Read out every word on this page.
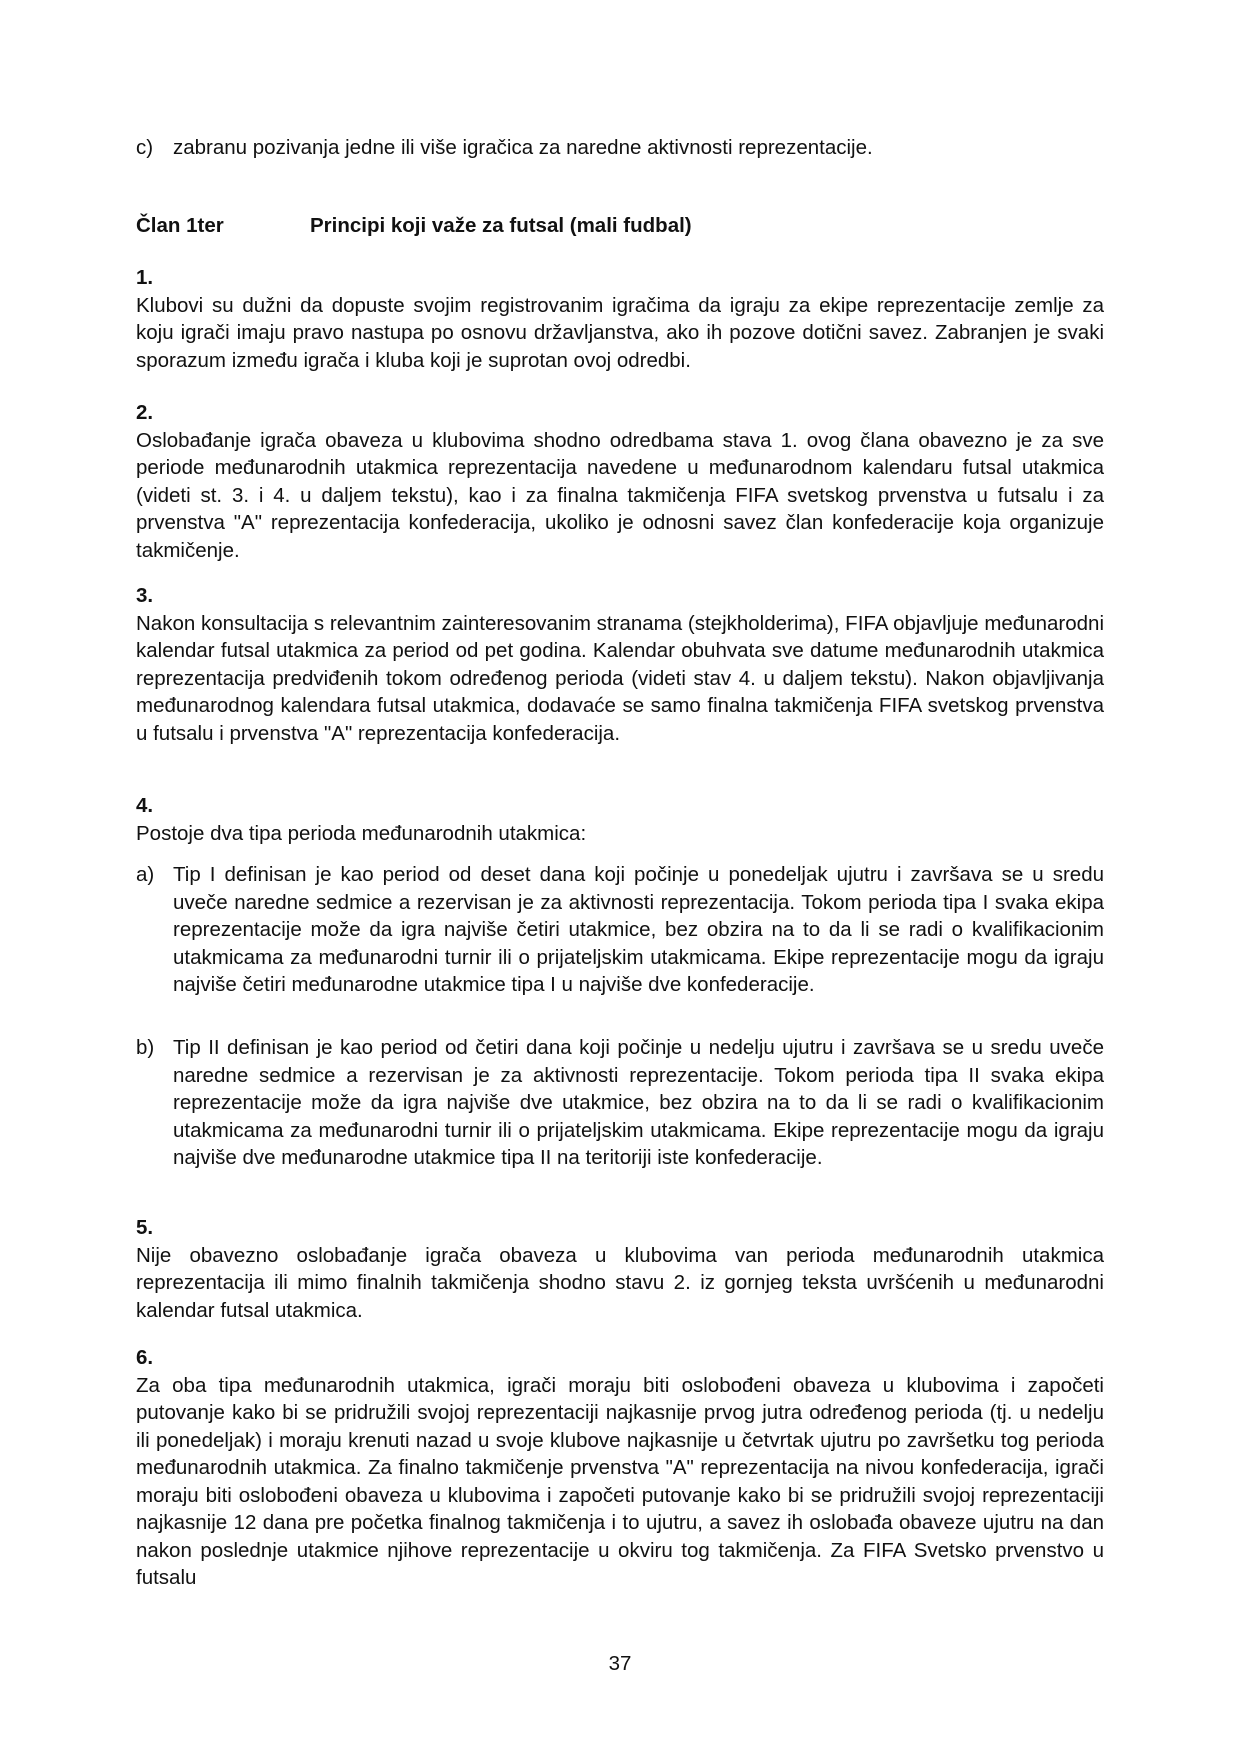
c) zabranu pozivanja jedne ili više igračica za naredne aktivnosti reprezentacije.
Član 1ter	Principi koji važe za futsal (mali fudbal)
1.
Klubovi su dužni da dopuste svojim registrovanim igračima da igraju za ekipe reprezentacije zemlje za koju igrači imaju pravo nastupa po osnovu državljanstva, ako ih pozove dotični savez. Zabranjen je svaki sporazum između igrača i kluba koji je suprotan ovoj odredbi.
2.
Oslobađanje igrača obaveza u klubovima shodno odredbama stava 1. ovog člana obavezno je za sve periode međunarodnih utakmica reprezentacija navedene u međunarodnom kalendaru futsal utakmica (videti st. 3. i 4. u daljem tekstu), kao i za finalna takmičenja FIFA svetskog prvenstva u futsalu i za prvenstva "A" reprezentacija konfederacija, ukoliko je odnosni savez član konfederacije koja organizuje takmičenje.
3.
Nakon konsultacija s relevantnim zainteresovanim stranama (stejkholderima), FIFA objavljuje međunarodni kalendar futsal utakmica za period od pet godina. Kalendar obuhvata sve datume međunarodnih utakmica reprezentacija predviđenih tokom određenog perioda (videti stav 4. u daljem tekstu). Nakon objavljivanja međunarodnog kalendara futsal utakmica, dodavaće se samo finalna takmičenja FIFA svetskog prvenstva u futsalu i prvenstva "A" reprezentacija konfederacija.
4.
Postoje dva tipa perioda međunarodnih utakmica:
a) Tip I definisan je kao period od deset dana koji počinje u ponedeljak ujutru i završava se u sredu uveče naredne sedmice a rezervisan je za aktivnosti reprezentacija. Tokom perioda tipa I svaka ekipa reprezentacije može da igra najviše četiri utakmice, bez obzira na to da li se radi o kvalifikacionim utakmicama za međunarodni turnir ili o prijateljskim utakmicama. Ekipe reprezentacije mogu da igraju najviše četiri međunarodne utakmice tipa I u najviše dve konfederacije.
b) Tip II definisan je kao period od četiri dana koji počinje u nedelju ujutru i završava se u sredu uveče naredne sedmice a rezervisan je za aktivnosti reprezentacije. Tokom perioda tipa II svaka ekipa reprezentacije može da igra najviše dve utakmice, bez obzira na to da li se radi o kvalifikacionim utakmicama za međunarodni turnir ili o prijateljskim utakmicama. Ekipe reprezentacije mogu da igraju najviše dve međunarodne utakmice tipa II na teritoriji iste konfederacije.
5.
Nije obavezno oslobađanje igrača obaveza u klubovima van perioda međunarodnih utakmica reprezentacija ili mimo finalnih takmičenja shodno stavu 2. iz gornjeg teksta uvršćenih u međunarodni kalendar futsal utakmica.
6.
Za oba tipa međunarodnih utakmica, igrači moraju biti oslobođeni obaveza u klubovima i započeti putovanje kako bi se pridružili svojoj reprezentaciji najkasnije prvog jutra određenog perioda (tj. u nedelju ili ponedeljak) i moraju krenuti nazad u svoje klubove najkasnije u četvrtak ujutru po završetku tog perioda međunarodnih utakmica. Za finalno takmičenje prvenstva "A" reprezentacija na nivou konfederacija, igrači moraju biti oslobođeni obaveza u klubovima i započeti putovanje kako bi se pridružili svojoj reprezentaciji najkasnije 12 dana pre početka finalnog takmičenja i to ujutru, a savez ih oslobađa obaveze ujutru na dan nakon poslednje utakmice njihove reprezentacije u okviru tog takmičenja. Za FIFA Svetsko prvenstvo u futsalu
37
